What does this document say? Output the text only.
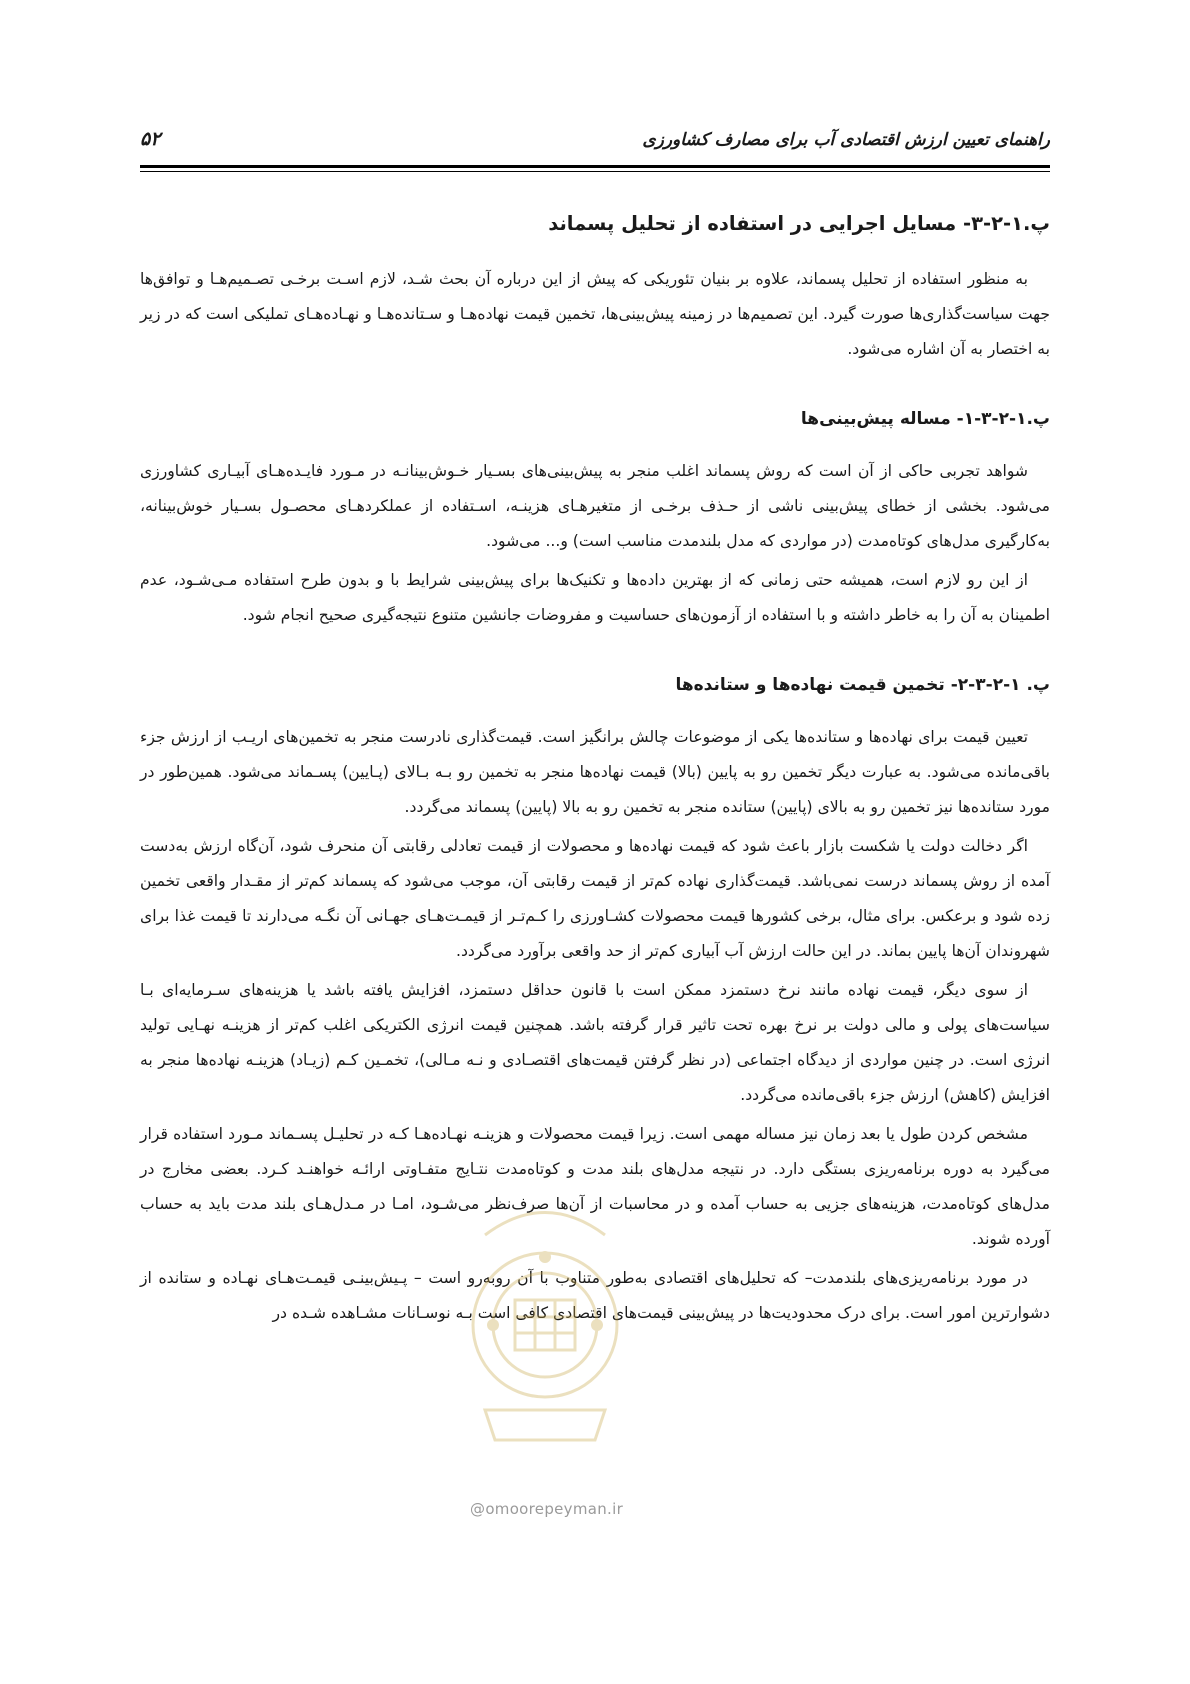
راهنمای تعیین ارزش اقتصادی آب برای مصارف کشاورزی
۵۲
پ.۱-۲-۳- مسایل اجرایی در استفاده از تحلیل پسماند

به منظور استفاده از تحلیل پسماند، علاوه بر بنیان تئوریکی که پیش از این درباره آن بحث شـد، لازم اسـت برخـی تصـمیم‌هـا و توافق‌ها جهت سیاست‌گذاری‌ها صورت گیرد. این تصمیم‌ها در زمینه پیش‌بینی‌ها، تخمین قیمت نهاده‌هـا و سـتانده‌هـا و نهـاده‌هـای تملیکی است که در زیر به اختصار به آن اشاره می‌شود.

پ.۱-۲-۳-۱- مساله پیش‌بینی‌ها

شواهد تجربی حاکی از آن است که روش پسماند اغلب منجر به پیش‌بینی‌های بسـیار خـوش‌بینانـه در مـورد فایـده‌هـای آبیـاری کشاورزی می‌شود. بخشی از خطای پیش‌بینی ناشی از حـذف برخـی از متغیرهـای هزینـه، اسـتفاده از عملکردهـای محصـول بسـیار خوش‌بینانه، به‌کارگیری مدل‌های کوتاه‌مدت (در مواردی که مدل بلندمدت مناسب است) و... می‌شود.

از این رو لازم است، همیشه حتی زمانی که از بهترین داده‌ها و تکنیک‌ها برای پیش‌بینی شرایط با و بدون طرح استفاده مـی‌شـود، عدم اطمینان به آن را به خاطر داشته و با استفاده از آزمون‌های حساسیت و مفروضات جانشین متنوع نتیجه‌گیری صحیح انجام شود.

پ. ۱-۲-۳-۲- تخمین قیمت نهاده‌ها و ستانده‌ها

تعیین قیمت برای نهاده‌ها و ستانده‌ها یکی از موضوعات چالش برانگیز است. قیمت‌گذاری نادرست منجر به تخمین‌های اریـب از ارزش جزء باقی‌مانده می‌شود. به عبارت دیگر تخمین رو به پایین (بالا) قیمت نهاده‌ها منجر به تخمین رو بـه بـالای (پـایین) پسـماند می‌شود. همین‌طور در مورد ستانده‌ها نیز تخمین رو به بالای (پایین) ستانده منجر به تخمین رو به بالا (پایین) پسماند می‌گردد.

اگر دخالت دولت یا شکست بازار باعث شود که قیمت نهاده‌ها و محصولات از قیمت تعادلی رقابتی آن منحرف شود، آن‌گاه ارزش به‌دست آمده از روش پسماند درست نمی‌باشد. قیمت‌گذاری نهاده کم‌تر از قیمت رقابتی آن، موجب می‌شود که پسماند کم‌تر از مقـدار واقعی تخمین زده شود و برعکس. برای مثال، برخی کشورها قیمت محصولات کشـاورزی را کـم‌تـر از قیمـت‌هـای جهـانی آن نگـه می‌دارند تا قیمت غذا برای شهروندان آن‌ها پایین بماند. در این حالت ارزش آب آبیاری کم‌تر از حد واقعی برآورد می‌گردد.

از سوی دیگر، قیمت نهاده مانند نرخ دستمزد ممکن است با قانون حداقل دستمزد، افزایش یافته باشد یا هزینه‌های سـرمایه‌ای بـا سیاست‌های پولی و مالی دولت بر نرخ بهره تحت تاثیر قرار گرفته باشد. همچنین قیمت انرژی الکتریکی اغلب کم‌تر از هزینـه نهـایی تولید انرژی است. در چنین مواردی از دیدگاه اجتماعی (در نظر گرفتن قیمت‌های اقتصـادی و نـه مـالی)، تخمـین کـم (زیـاد) هزینـه نهاده‌ها منجر به افزایش (کاهش) ارزش جزء باقی‌مانده می‌گردد.

مشخص کردن طول یا بعد زمان نیز مساله مهمی است. زیرا قیمت محصولات و هزینـه نهـاده‌هـا کـه در تحلیـل پسـماند مـورد استفاده قرار می‌گیرد به دوره برنامه‌ریزی بستگی دارد. در نتیجه مدل‌های بلند مدت و کوتاه‌مدت نتـایج متفـاوتی ارائـه خواهنـد کـرد. بعضی مخارج در مدل‌های کوتاه‌مدت، هزینه‌های جزیی به حساب آمده و در محاسبات از آن‌ها صرف‌نظر می‌شـود، امـا در مـدل‌هـای بلند مدت باید به حساب آورده شوند.

در مورد برنامه‌ریزی‌های بلندمدت– که تحلیل‌های اقتصادی به‌طور متناوب با آن روبه‌رو است – پـیش‌بینـی قیمـت‌هـای نهـاده و ستانده از دشوارترین امور است. برای درک محدودیت‌ها در پیش‌بینی قیمت‌های اقتصادی کافی است بـه نوسـانات مشـاهده شـده در

@omoorepeyman.ir
